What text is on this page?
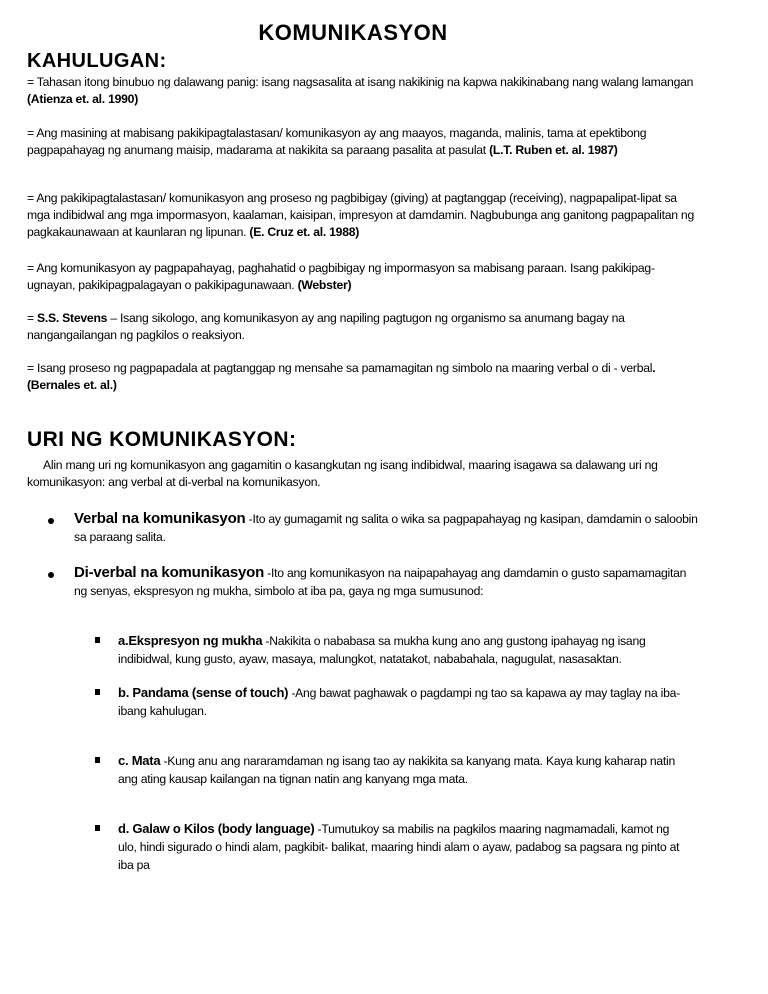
KOMUNIKASYON
KAHULUGAN:
= Tahasan itong binubuo ng dalawang panig: isang nagsasalita at isang nakikinig na kapwa nakikinabang nang walang lamangan (Atienza et. al. 1990)
= Ang masining at mabisang pakikipagtalastasan/ komunikasyon ay ang maayos, maganda, malinis, tama at epektibong pagpapahayag ng anumang maisip, madarama at nakikita sa paraang pasalita at pasulat (L.T. Ruben et. al. 1987)
= Ang pakikipagtalastasan/ komunikasyon ang proseso ng pagbibigay (giving) at pagtanggap (receiving), nagpapalipat-lipat sa mga indibidwal ang mga impormasyon, kaalaman, kaisipan, impresyon at damdamin. Nagbubunga ang ganitong pagpapalitan ng pagkakaunawaan at kaunlaran ng lipunan. (E. Cruz et. al. 1988)
= Ang komunikasyon ay pagpapahayag, paghahatid o pagbibigay ng impormasyon sa mabisang paraan. Isang pakikipag-ugnayan, pakikipagpalagayan o pakikipagunawaan. (Webster)
= S.S. Stevens – Isang sikologo, ang komunikasyon ay ang napiling pagtugon ng organismo sa anumang bagay na nangangailangan ng pagkilos o reaksiyon.
= Isang proseso ng pagpapadala at pagtanggap ng mensahe sa pamamagitan ng simbolo na maaring verbal o di - verbal. (Bernales et. al.)
URI NG KOMUNIKASYON:
Alin mang uri ng komunikasyon ang gagamitin o kasangkutan ng isang indibidwal, maaring isagawa sa dalawang uri ng komunikasyon: ang verbal at di-verbal na komunikasyon.
Verbal na komunikasyon -Ito ay gumagamit ng salita o wika sa pagpapahayag ng kasipan, damdamin o saloobin sa paraang salita.
Di-verbal na komunikasyon -Ito ang komunikasyon na naipapahayag ang damdamin o gusto sapamamagitan ng senyas, ekspresyon ng mukha, simbolo at iba pa, gaya ng mga sumusunod:
a.Ekspresyon ng mukha -Nakikita o nababasa sa mukha kung ano ang gustong ipahayag ng isang indibidwal, kung gusto, ayaw, masaya, malungkot, natatakot, nababahala, nagugulat, nasasaktan.
b. Pandama (sense of touch) -Ang bawat paghawak o pagdampi ng tao sa kapawa ay may taglay na iba-ibang kahulugan.
c. Mata -Kung anu ang nararamdaman ng isang tao ay nakikita sa kanyang mata. Kaya kung kaharap natin ang ating kausap kailangan na tignan natin ang kanyang mga mata.
d. Galaw o Kilos (body language) -Tumutukoy sa mabilis na pagkilos maaring nagmamadali, kamot ng ulo, hindi sigurado o hindi alam, pagkibit- balikat, maaring hindi alam o ayaw, padabog sa pagsara ng pinto at iba pa
